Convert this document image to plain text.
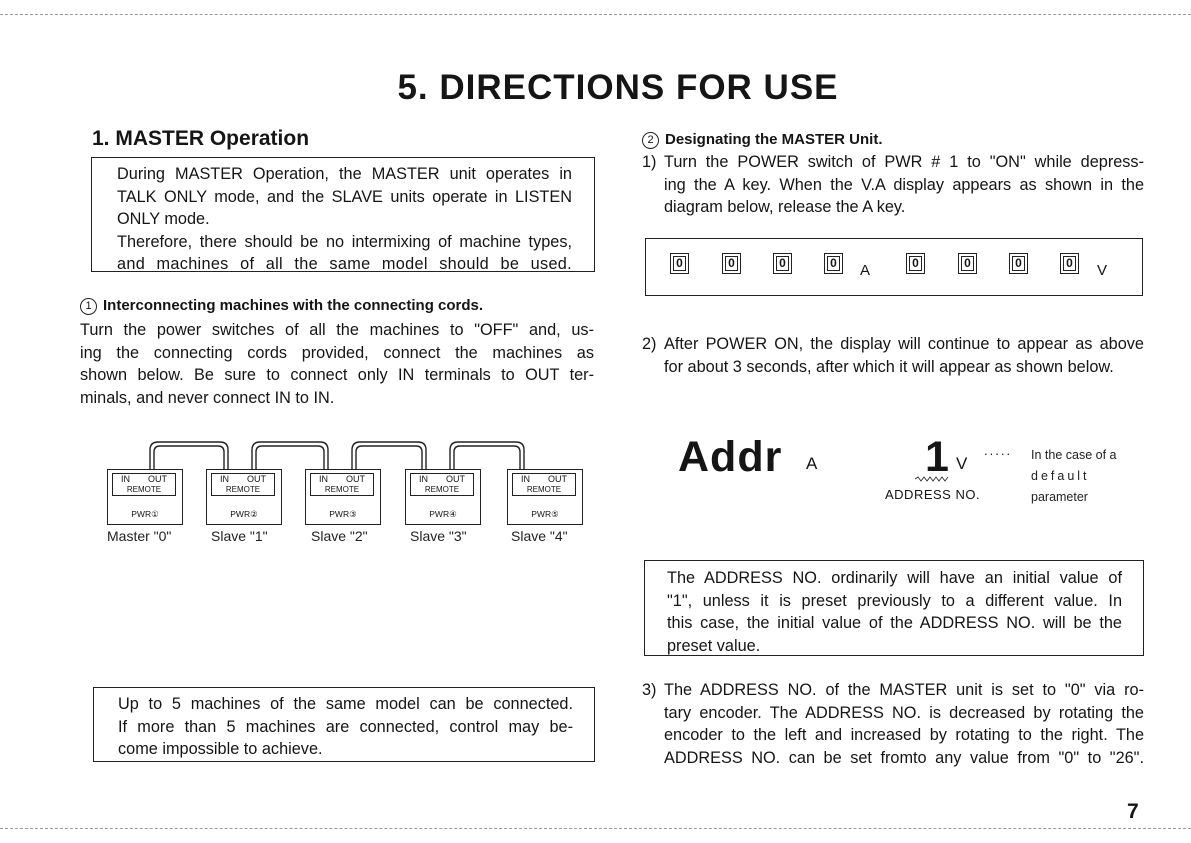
5. DIRECTIONS FOR USE
1. MASTER Operation

During MASTER Operation, the MASTER unit operates in

TALK ONLY mode, and the SLAVE units operate in LISTEN

ONLY mode.

Therefore, there should be no intermixing of machine types,

and machines of all the same model should be used.

1 Interconnecting machines with the connecting cords.

Turn the power switches of all the machines to "OFF" and, us-

ing the connecting cords provided, connect the machines as

shown below. Be sure to connect only IN terminals to OUT ter-

minals, and never connect IN to IN.

IN OUT
REMOTE
PWR①
IN OUT
REMOTE
PWR②
IN OUT
REMOTE
PWR③
IN OUT
REMOTE
PWR④
IN OUT
REMOTE
PWR⑤
Master "0"	Slave "1"	Slave "2"	Slave "3"	Slave "4"

Up to 5 machines of the same model can be connected.

If more than 5 machines are connected, control may be-

come impossible to achieve.

2 Designating the MASTER Unit.
1) Turn the POWER switch of PWR # 1 to "ON" while depress-

ing the A key. When the V.A display appears as shown in the

diagram below, release the A key.

0	0	0	0	A	0	0	0	0	V
2) After POWER ON, the display will continue to appear as above

for about 3 seconds, after which it will appear as shown below.

Addr A	1 V
ADDRESS NO.
..... In the case of a
default
parameter

The ADDRESS NO. ordinarily will have an initial value of

"1", unless it is preset previously to a different value. In

this case, the initial value of the ADDRESS NO. will be the

preset value.

3) The ADDRESS NO. of the MASTER unit is set to "0" via ro-

tary encoder. The ADDRESS NO. is decreased by rotating the

encoder to the left and increased by rotating to the right. The

ADDRESS NO. can be set fromto any value from "0" to "26".

7
